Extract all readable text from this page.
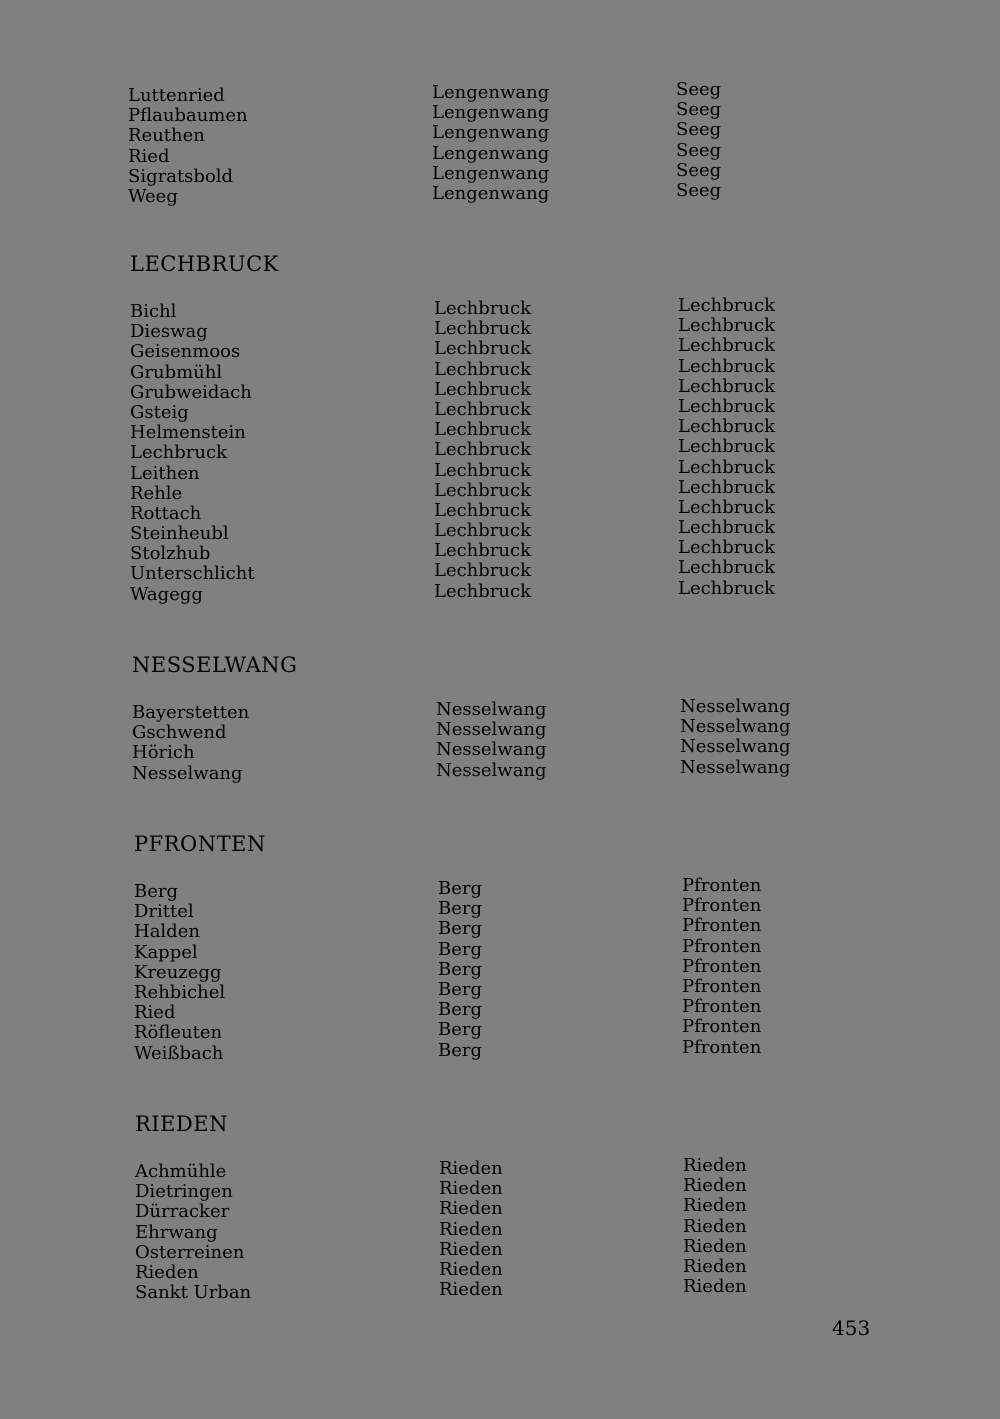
Luttenried	Lengenwang	Seeg
Pflaubaumen	Lengenwang	Seeg
Reuthen	Lengenwang	Seeg
Ried	Lengenwang	Seeg
Sigratsbold	Lengenwang	Seeg
Weeg	Lengenwang	Seeg
LECHBRUCK
Bichl	Lechbruck	Lechbruck
Dieswag	Lechbruck	Lechbruck
Geisenmoos	Lechbruck	Lechbruck
Grubmühl	Lechbruck	Lechbruck
Grubweidach	Lechbruck	Lechbruck
Gsteig	Lechbruck	Lechbruck
Helmenstein	Lechbruck	Lechbruck
Lechbruck	Lechbruck	Lechbruck
Leithen	Lechbruck	Lechbruck
Rehle	Lechbruck	Lechbruck
Rottach	Lechbruck	Lechbruck
Steinheubl	Lechbruck	Lechbruck
Stolzhub	Lechbruck	Lechbruck
Unterschlicht	Lechbruck	Lechbruck
Wagegg	Lechbruck	Lechbruck
NESSELWANG
Bayerstetten	Nesselwang	Nesselwang
Gschwend	Nesselwang	Nesselwang
Hörich	Nesselwang	Nesselwang
Nesselwang	Nesselwang	Nesselwang
PFRONTEN
Berg	Berg	Pfronten
Drittel	Berg	Pfronten
Halden	Berg	Pfronten
Kappel	Berg	Pfronten
Kreuzegg	Berg	Pfronten
Rehbichel	Berg	Pfronten
Ried	Berg	Pfronten
Röfleuten	Berg	Pfronten
Weißbach	Berg	Pfronten
RIEDEN
Achmühle	Rieden	Rieden
Dietringen	Rieden	Rieden
Dürracker	Rieden	Rieden
Ehrwang	Rieden	Rieden
Osterreinen	Rieden	Rieden
Rieden	Rieden	Rieden
Sankt Urban	Rieden	Rieden
453
